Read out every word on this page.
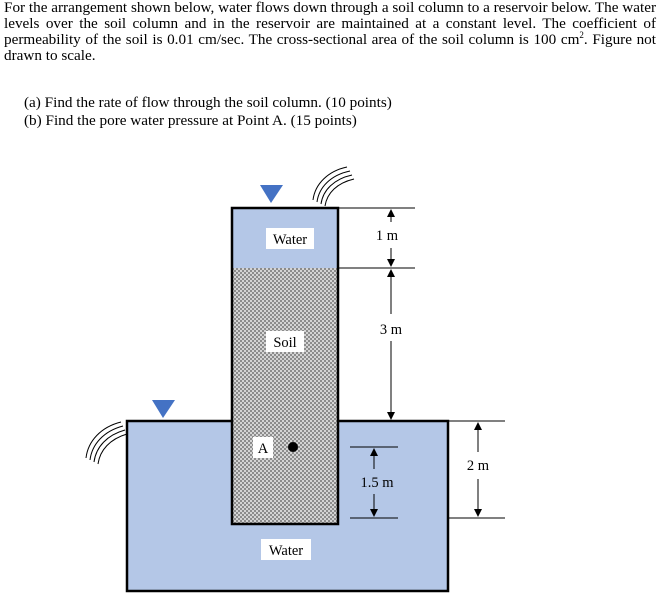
For the arrangement shown below, water flows down through a soil column to a reservoir below. The water levels over the soil column and in the reservoir are maintained at a constant level. The coefficient of permeability of the soil is 0.01 cm/sec. The cross-sectional area of the soil column is 100 $cm^2$. Figure not drawn to scale.
(a) Find the rate of flow through the soil column. (10 points)
(b) Find the pore water pressure at Point A. (15 points)
Water
Soil
A
Water
1 m
3 m
2 m
1.5 m
